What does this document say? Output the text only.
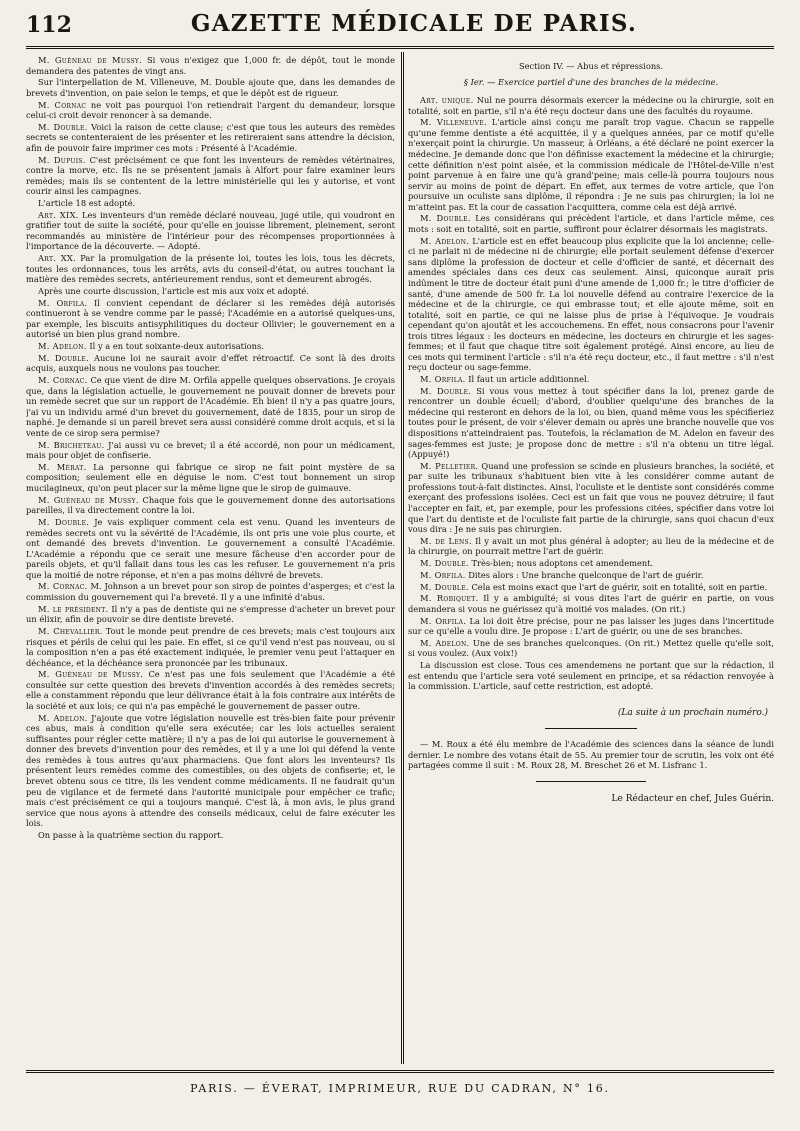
112	GAZETTE MÉDICALE DE PARIS.

M. Guéneau de Mussy. Si vous n'exigez que 1,000 fr. de dépôt, tout le monde demandera des patentes de vingt ans.

Sur l'interpellation de M. Villeneuve, M. Double ajoute que, dans les demandes de brevets d'invention, on paie selon le temps, et que le dépôt est de rigueur.

M. Cornac ne voit pas pourquoi l'on retiendrait l'argent du demandeur, lorsque celui-ci croit devoir renoncer à sa demande.

M. Double. Voici la raison de cette clause; c'est que tous les auteurs des remèdes secrets se contenteraient de les présenter et les retireraient sans attendre la décision, afin de pouvoir faire imprimer ces mots : Présenté à l'Académie.

M. Dupuis. C'est précisément ce que font les inventeurs de remèdes vétérinaires, contre la morve, etc. Ils ne se présentent jamais à Alfort pour faire examiner leurs remèdes; mais ils se contentent de la lettre ministérielle qui les y autorise, et vont courir ainsi les campagnes.

L'article 18 est adopté.

Art. XIX. Les inventeurs d'un remède déclaré nouveau, jugé utile, qui voudront en gratifier tout de suite la société, pour qu'elle en jouisse librement, pleinement, seront recommandés au ministère de l'intérieur pour des récompenses proportionnées à l'importance de la découverte. — Adopté.

Art. XX. Par la promulgation de la présente loi, toutes les lois, tous les décrets, toutes les ordonnances, tous les arrêts, avis du conseil-d'état, ou autres touchant la matière des remèdes secrets, antérieurement rendus, sont et demeurent abrogés.

Après une courte discussion, l'article est mis aux voix et adopté.

M. Orfila. Il convient cependant de déclarer si les remèdes déjà autorisés continueront à se vendre comme par le passé; l'Académie en a autorisé quelques-uns, par exemple, les biscuits antisyphilitiques du docteur Ollivier; le gouvernement en a autorisé un bien plus grand nombre.

M. Adelon. Il y a en tout soixante-deux autorisations.

M. Double. Aucune loi ne saurait avoir d'effet rétroactif. Ce sont là des droits acquis, auxquels nous ne voulons pas toucher.

M. Cornac. Ce que vient de dire M. Orfila appelle quelques observations. Je croyais que, dans la législation actuelle, le gouvernement ne pouvait donner de brevets pour un remède secret que sur un rapport de l'Académie. Eh bien! il n'y a pas quatre jours, j'ai vu un individu armé d'un brevet du gouvernement, daté de 1835, pour un sirop de naphé. Je demande si un pareil brevet sera aussi considéré comme droit acquis, et si la vente de ce sirop sera permise?

M. Bricheteau. J'ai aussi vu ce brevet; il a été accordé, non pour un médicament, mais pour objet de confiserie.

M. Mérat. La personne qui fabrique ce sirop ne fait point mystère de sa composition; seulement elle en déguise le nom. C'est tout bonnement un sirop mucilagineux, qu'on peut placer sur la même ligne que le sirop de guimauve.

M. Guéneau de Mussy. Chaque fois que le gouvernement donne des autorisations pareilles, il va directement contre la loi.

M. Double. Je vais expliquer comment cela est venu. Quand les inventeurs de remèdes secrets ont vu la sévérité de l'Académie, ils ont pris une voie plus courte, et ont demandé des brevets d'invention. Le gouvernement a consulté l'Académie. L'Académie a répondu que ce serait une mesure fâcheuse d'en accorder pour de pareils objets, et qu'il fallait dans tous les cas les refuser. Le gouvernement n'a pris que la moitié de notre réponse, et n'en a pas moins délivré de brevets.

M. Cornac. M. Johnson a un brevet pour son sirop de pointes d'asperges; et c'est la commission du gouvernement qui l'a breveté. Il y a une infinité d'abus.

M. le président. Il n'y a pas de dentiste qui ne s'empresse d'acheter un brevet pour un élixir, afin de pouvoir se dire dentiste breveté.

M. Chevallier. Tout le monde peut prendre de ces brevets; mais c'est toujours aux risques et périls de celui qui les paie. En effet, si ce qu'il vend n'est pas nouveau, ou si la composition n'en a pas été exactement indiquée, le premier venu peut l'attaquer en déchéance, et la déchéance sera prononcée par les tribunaux.

M. Guéneau de Mussy. Ce n'est pas une fois seulement que l'Académie a été consultée sur cette question des brevets d'invention accordés à des remèdes secrets; elle a constamment répondu que leur délivrance était à la fois contraire aux intérêts de la société et aux lois; ce qui n'a pas empêché le gouvernement de passer outre.

M. Adelon. J'ajoute que votre législation nouvelle est très-bien faite pour prévenir ces abus, mais à condition qu'elle sera exécutée; car les lois actuelles seraient suffisantes pour régler cette matière; il n'y a pas de loi qui autorise le gouvernement à donner des brevets d'invention pour des remèdes, et il y a une loi qui défend la vente des remèdes à tous autres qu'aux pharmaciens. Que font alors les inventeurs? Ils présentent leurs remèdes comme des comestibles, ou des objets de confiserie; et, le brevet obtenu sous ce titre, ils les vendent comme médicaments. Il ne faudrait qu'un peu de vigilance et de fermeté dans l'autorité municipale pour empêcher ce trafic; mais c'est précisément ce qui a toujours manqué. C'est là, à mon avis, le plus grand service que nous ayons à attendre des conseils médicaux, celui de faire exécuter les lois.

On passe à la quatrième section du rapport.

Section IV. — Abus et répressions.

§ Ier. — Exercice partiel d'une des branches de la médecine.

Art. unique. Nul ne pourra désormais exercer la médecine ou la chirurgie, soit en totalité, soit en partie, s'il n'a été reçu docteur dans une des facultés du royaume.

M. Villeneuve. L'article ainsi conçu me paraît trop vague. Chacun se rappelle qu'une femme dentiste a été acquittée, il y a quelques années, par ce motif qu'elle n'exerçait point la chirurgie. Un masseur, à Orléans, a été déclaré ne point exercer la médecine. Je demande donc que l'on définisse exactement la médecine et la chirurgie; cette définition n'est point aisée, et la commission médicale de l'Hôtel-de-Ville n'est point parvenue à en faire une qu'à grand'peine; mais celle-là pourra toujours nous servir au moins de point de départ. En effet, aux termes de votre article, que l'on poursuive un oculiste sans diplôme, il répondra : Je ne suis pas chirurgien; la loi ne m'atteint pas. Et la cour de cassation l'acquittera, comme cela est déjà arrivé.

M. Double. Les considérans qui précèdent l'article, et dans l'article même, ces mots : soit en totalité, soit en partie, suffiront pour éclairer désormais les magistrats.

M. Adelon. L'article est en effet beaucoup plus explicite que la loi ancienne; celle-ci ne parlait ni de médecine ni de chirurgie; elle portait seulement défense d'exercer sans diplôme la profession de docteur et celle d'officier de santé, et décernait des amendes spéciales dans ces deux cas seulement. Ainsi, quiconque aurait pris indûment le titre de docteur était puni d'une amende de 1,000 fr.; le titre d'officier de santé, d'une amende de 500 fr. La loi nouvelle défend au contraire l'exercice de la médecine et de la chirurgie, ce qui embrasse tout; et elle ajoute même, soit en totalité, soit en partie, ce qui ne laisse plus de prise à l'équivoque. Je voudrais cependant qu'on ajoutât et les accouchemens. En effet, nous consacrons pour l'avenir trois titres légaux : les docteurs en médecine, les docteurs en chirurgie et les sages-femmes; et il faut que chaque titre soit également protégé. Ainsi encore, au lieu de ces mots qui terminent l'article : s'il n'a été reçu docteur, etc., il faut mettre : s'il n'est reçu docteur ou sage-femme.

M. Orfila. Il faut un article additionnel.

M. Double. Si vous vous mettez à tout spécifier dans la loi, prenez garde de rencontrer un double écueil; d'abord, d'oublier quelqu'une des branches de la médecine qui resteront en dehors de la loi, ou bien, quand même vous les spécifieriez toutes pour le présent, de voir s'élever demain ou après une branche nouvelle que vos dispositions n'atteindraient pas. Toutefois, la réclamation de M. Adelon en faveur des sages-femmes est juste; je propose donc de mettre : s'il n'a obtenu un titre légal. (Appuyé!)

M. Pelletier. Quand une profession se scinde en plusieurs branches, la société, et par suite les tribunaux s'habituent bien vite à les considérer comme autant de professions tout-à-fait distinctes. Ainsi, l'oculiste et le dentiste sont considérés comme exerçant des professions isolées. Ceci est un fait que vous ne pouvez détruire; il faut l'accepter en fait, et, par exemple, pour les professions citées, spécifier dans votre loi que l'art du dentiste et de l'oculiste fait partie de la chirurgie, sans quoi chacun d'eux vous dira : Je ne suis pas chirurgien.

M. de Lens. Il y avait un mot plus général à adopter; au lieu de la médecine et de la chirurgie, on pourrait mettre l'art de guérir.

M. Double. Très-bien; nous adoptons cet amendement.

M. Orfila. Dites alors : Une branche quelconque de l'art de guérir.

M. Double. Cela est moins exact que l'art de guérir, soit en totalité, soit en partie.

M. Robiquet. Il y a ambiguïté; si vous dites l'art de guérir en partie, on vous demandera si vous ne guérissez qu'à moitié vos malades. (On rit.)

M. Orfila. La loi doit être précise, pour ne pas laisser les juges dans l'incertitude sur ce qu'elle a voulu dire. Je propose : L'art de guérir, ou une de ses branches.

M. Adelon. Une de ses branches quelconques. (On rit.) Mettez quelle qu'elle soit, si vous voulez. (Aux voix!)

La discussion est close. Tous ces amendemens ne portant que sur la rédaction, il est entendu que l'article sera voté seulement en principe, et sa rédaction renvoyée à la commission. L'article, sauf cette restriction, est adopté.

(La suite à un prochain numéro.)

— M. Roux a été élu membre de l'Académie des sciences dans la séance de lundi dernier. Le nombre des votans était de 55. Au premier tour de scrutin, les voix ont été partagées comme il suit : M. Roux 28, M. Breschet 26 et M. Lisfranc 1.

Le Rédacteur en chef, Jules Guérin.

PARIS. — ÉVERAT, IMPRIMEUR, RUE DU CADRAN, N° 16.
